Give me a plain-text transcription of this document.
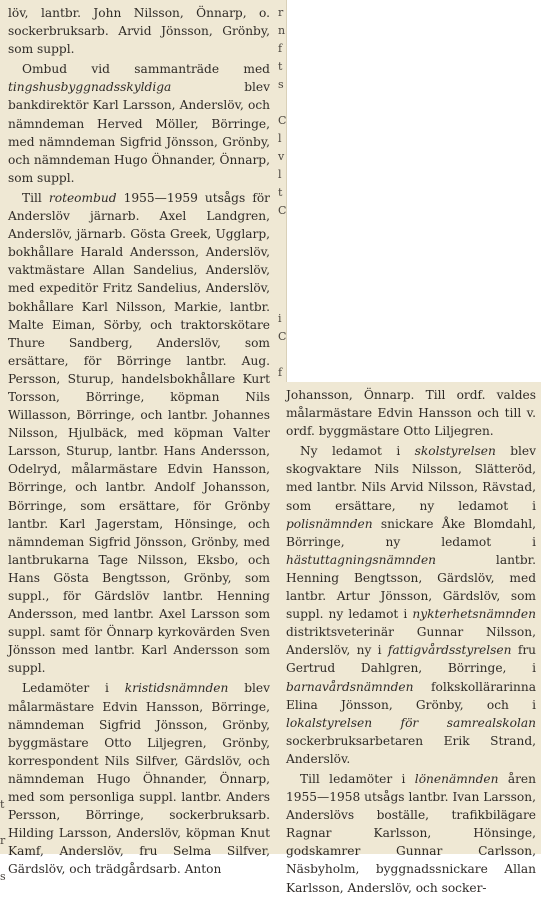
t
r
s

löv, lantbr. John Nilsson, Önnarp, o. sockerbruksarb. Arvid Jönsson, Grönby, som suppl.

Ombud vid sammanträde med tingshusbyggnadsskyldiga blev bankdirektör Karl Larsson, Anderslöv, och nämndeman Herved Möller, Börringe, med nämndeman Sigfrid Jönsson, Grönby, och nämndeman Hugo Öhnander, Önnarp, som suppl.

Till roteombud 1955—1959 utsågs för Anderslöv järnarb. Axel Landgren, Anderslöv, järnarb. Gösta Greek, Ugglarp, bokhållare Harald Andersson, Anderslöv, vaktmästare Allan Sandelius, Anderslöv, med expeditör Fritz Sandelius, Anderslöv, bokhållare Karl Nilsson, Markie, lantbr. Malte Eiman, Sörby, och traktorskötare Thure Sandberg, Anderslöv, som ersättare, för Börringe lantbr. Aug. Persson, Sturup, handelsbokhållare Kurt Torsson, Börringe, köpman Nils Willasson, Börringe, och lantbr. Johannes Nilsson, Hjulbäck, med köpman Valter Larsson, Sturup, lantbr. Hans Andersson, Odelryd, målarmästare Edvin Hansson, Börringe, och lantbr. Andolf Johansson, Börringe, som ersättare, för Grönby lantbr. Karl Jagerstam, Hönsinge, och nämndeman Sigfrid Jönsson, Grönby, med lantbrukarna Tage Nilsson, Eksbo, och Hans Gösta Bengtsson, Grönby, som suppl., för Gärdslöv lantbr. Henning Andersson, med lantbr. Axel Larsson som suppl. samt för Önnarp kyrkovärden Sven Jönsson med lantbr. Karl Andersson som suppl.

Ledamöter i kristidsnämnden blev målarmästare Edvin Hansson, Börringe, nämndeman Sigfrid Jönsson, Grönby, byggmästare Otto Liljegren, Grönby, korrespondent Nils Silfver, Gärdslöv, och nämndeman Hugo Öhnander, Önnarp, med som personliga suppl. lantbr. Anders Persson, Börringe, sockerbruksarb. Hilding Larsson, Anderslöv, köpman Knut Kamf, Anderslöv, fru Selma Silfver, Gärdslöv, och trädgårdsarb. Anton

r
n
f
t
s
C
l
v
l
t
C
i
C
f

Johansson, Önnarp. Till ordf. valdes målarmästare Edvin Hansson och till v. ordf. byggmästare Otto Liljegren.

Ny ledamot i skolstyrelsen blev skogvaktare Nils Nilsson, Slätteröd, med lantbr. Nils Arvid Nilsson, Rävstad, som ersättare, ny ledamot i polisnämnden snickare Åke Blomdahl, Börringe, ny ledamot i hästuttagningsnämnden lantbr. Henning Bengtsson, Gärdslöv, med lantbr. Artur Jönsson, Gärdslöv, som suppl. ny ledamot i nykterhetsnämnden distriktsveterinär Gunnar Nilsson, Anderslöv, ny i fattigvårdsstyrelsen fru Gertrud Dahlgren, Börringe, i barnavårdsnämnden folkskollärarinna Elina Jönsson, Grönby, och i lokalstyrelsen för samrealskolan sockerbruksarbetaren Erik Strand, Anderslöv.

Till ledamöter i lönenämnden åren 1955—1958 utsågs lantbr. Ivan Larsson, Anderslövs boställe, trafikbilägare Ragnar Karlsson, Hönsinge, godskamrer Gunnar Carlsson, Näsbyholm, byggnadssnickare Allan Karlsson, Anderslöv, och socker-
